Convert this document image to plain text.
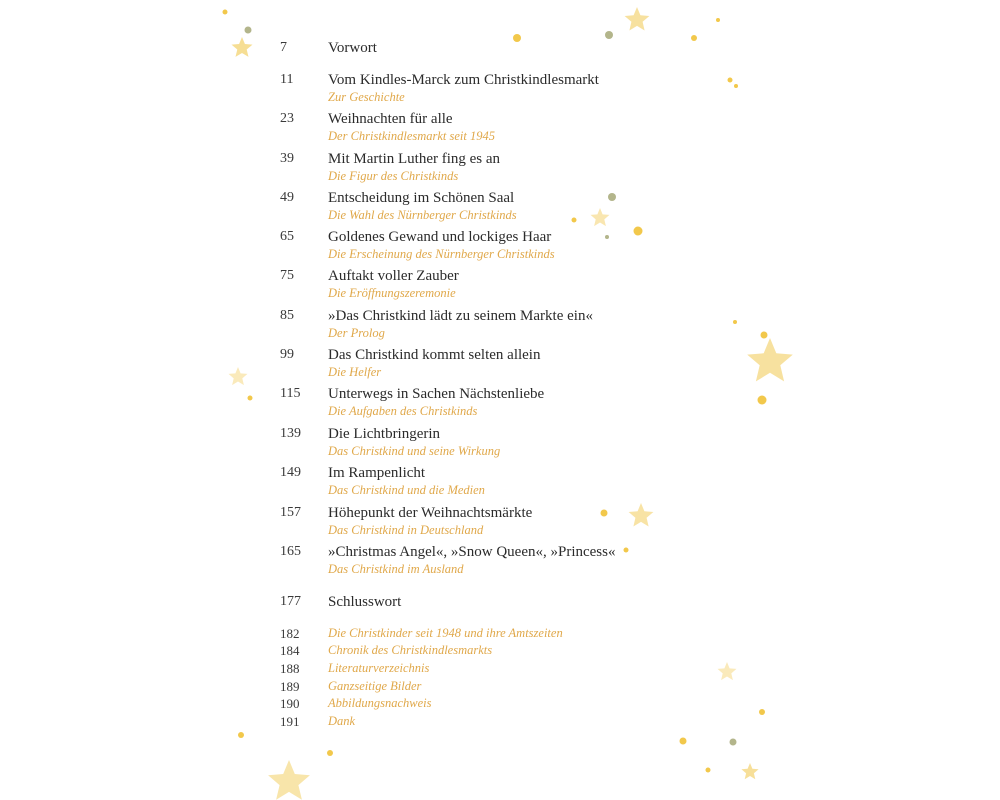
7	Vorwort
11	Vom Kindles-Marck zum Christkindlesmarkt
Zur Geschichte
23	Weihnachten für alle
Der Christkindlesmarkt seit 1945
39	Mit Martin Luther fing es an
Die Figur des Christkinds
49	Entscheidung im Schönen Saal
Die Wahl des Nürnberger Christkinds
65	Goldenes Gewand und lockiges Haar
Die Erscheinung des Nürnberger Christkinds
75	Auftakt voller Zauber
Die Eröffnungszeremonie
85	»Das Christkind lädt zu seinem Markte ein«
Der Prolog
99	Das Christkind kommt selten allein
Die Helfer
115	Unterwegs in Sachen Nächstenliebe
Die Aufgaben des Christkinds
139	Die Lichtbringerin
Das Christkind und seine Wirkung
149	Im Rampenlicht
Das Christkind und die Medien
157	Höhepunkt der Weihnachtsmärkte
Das Christkind in Deutschland
165	»Christmas Angel«, »Snow Queen«, »Princess«
Das Christkind im Ausland
177	Schlusswort
182	Die Christkinder seit 1948 und ihre Amtszeiten
184	Chronik des Christkindlesmarkts
188	Literaturverzeichnis
189	Ganzseitige Bilder
190	Abbildungsnachweis
191	Dank
